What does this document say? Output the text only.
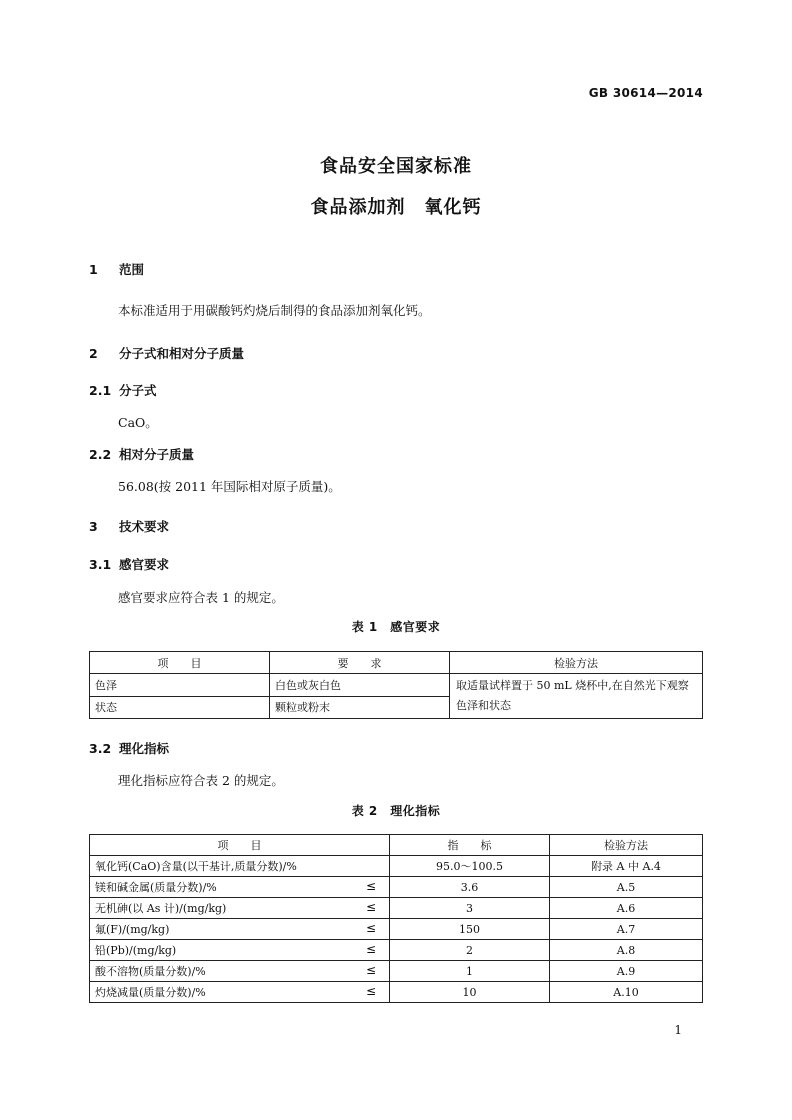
GB 30614—2014
食品安全国家标准
食品添加剂　氧化钙
1 范围
本标准适用于用碳酸钙灼烧后制得的食品添加剂氧化钙。
2 分子式和相对分子质量
2.1 分子式
CaO。
2.2 相对分子质量
56.08(按 2011 年国际相对原子质量)。
3 技术要求
3.1 感官要求
感官要求应符合表 1 的规定。
表 1　感官要求
项　　目	要　　求	检验方法
色泽	白色或灰白色	取适量试样置于 50 mL 烧杯中,在自然光下观察色泽和状态
状态	颗粒或粉末	
3.2 理化指标
理化指标应符合表 2 的规定。
表 2　理化指标
项　　目	指　　标	检验方法
氧化钙(CaO)含量(以干基计,质量分数)/%	95.0～100.5	附录 A 中 A.4
镁和碱金属(质量分数)/% ≤	3.6	A.5
无机砷(以 As 计)/(mg/kg) ≤	3	A.6
氟(F)/(mg/kg) ≤	150	A.7
铅(Pb)/(mg/kg) ≤	2	A.8
酸不溶物(质量分数)/% ≤	1	A.9
灼烧减量(质量分数)/% ≤	10	A.10
1
